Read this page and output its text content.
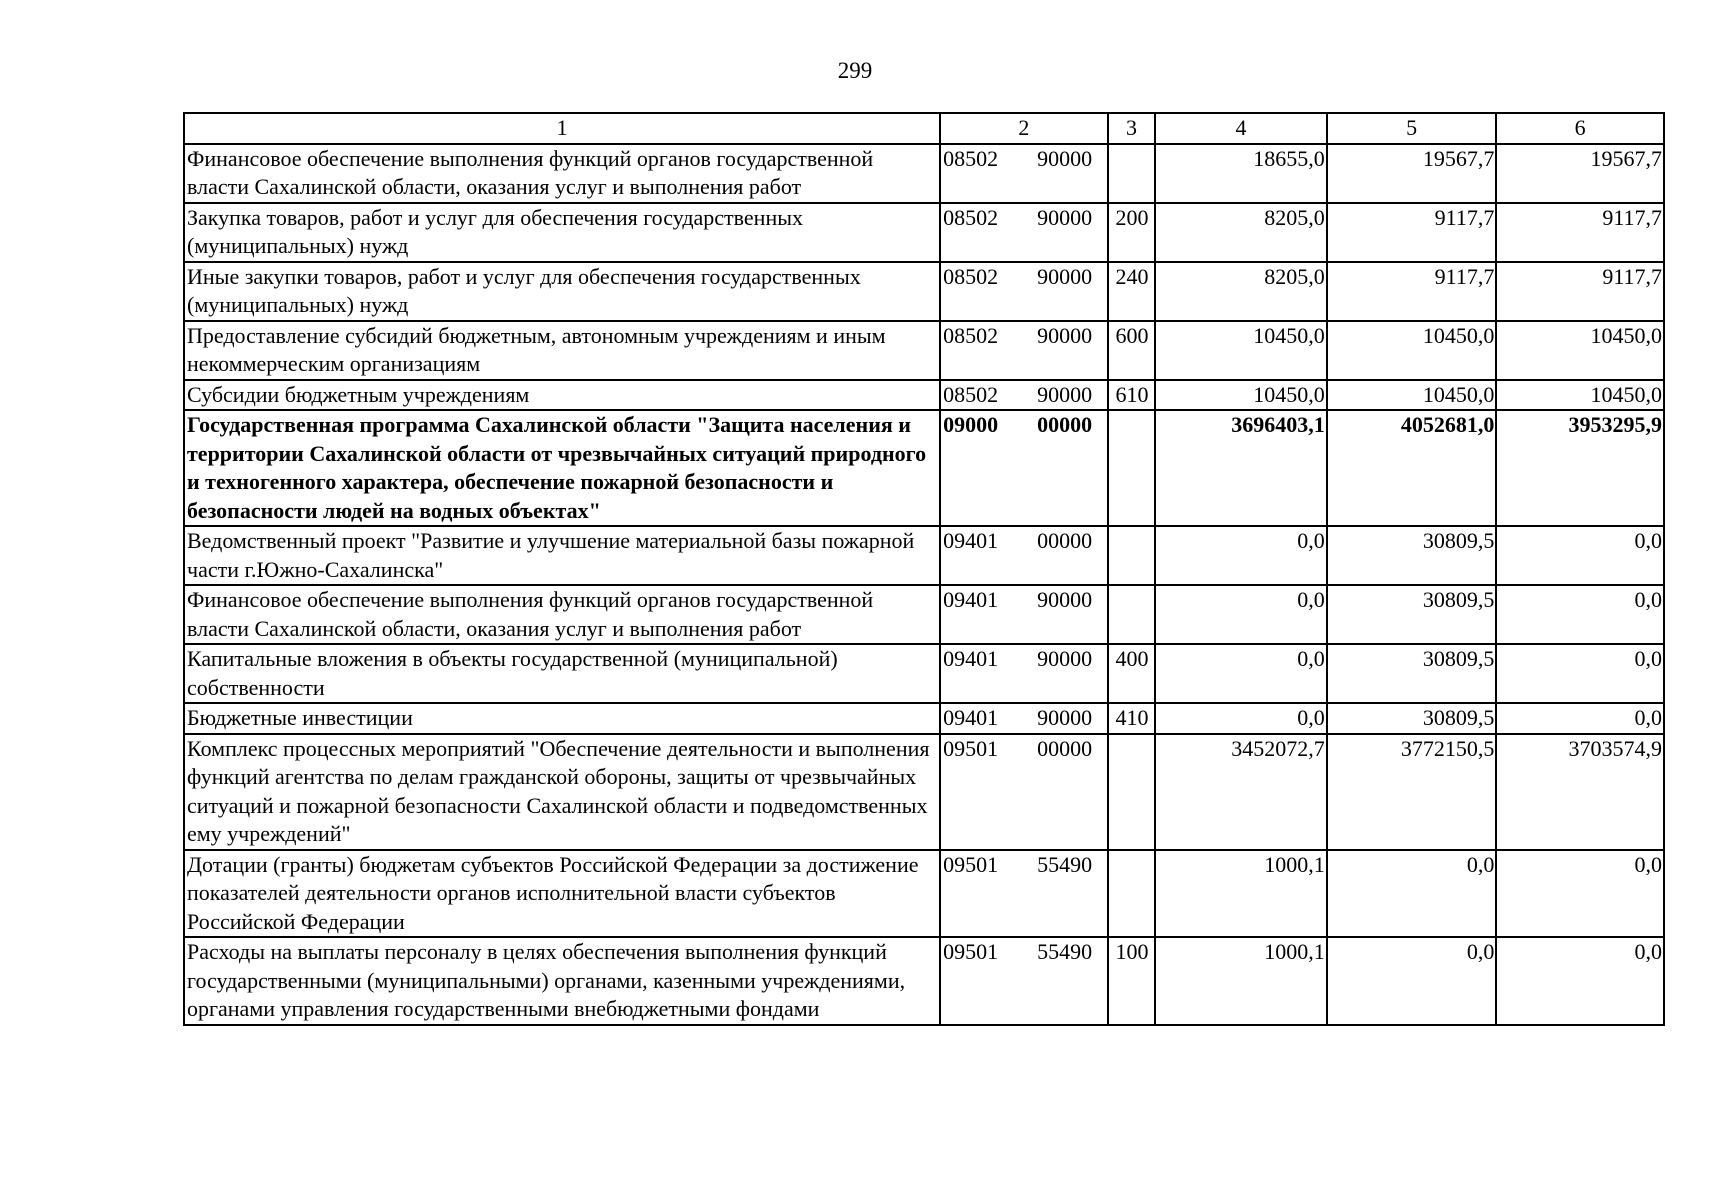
299
1	2	3	4	5	6
Финансовое обеспечение выполнения функций органов государственной власти Сахалинской области, оказания услуг и выполнения работ	08502 90000		18655,0	19567,7	19567,7
Закупка товаров, работ и услуг для обеспечения государственных (муниципальных) нужд	08502 90000	200	8205,0	9117,7	9117,7
Иные закупки товаров, работ и услуг для обеспечения государственных (муниципальных) нужд	08502 90000	240	8205,0	9117,7	9117,7
Предоставление субсидий бюджетным, автономным учреждениям и иным некоммерческим организациям	08502 90000	600	10450,0	10450,0	10450,0
Субсидии бюджетным учреждениям	08502 90000	610	10450,0	10450,0	10450,0
Государственная программа Сахалинской области "Защита населения и территории Сахалинской области от чрезвычайных ситуаций природного и техногенного характера, обеспечение пожарной безопасности и безопасности людей на водных объектах"	09000 00000		3696403,1	4052681,0	3953295,9
Ведомственный проект "Развитие и улучшение материальной базы пожарной части г.Южно-Сахалинска"	09401 00000		0,0	30809,5	0,0
Финансовое обеспечение выполнения функций органов государственной власти Сахалинской области, оказания услуг и выполнения работ	09401 90000		0,0	30809,5	0,0
Капитальные вложения в объекты государственной (муниципальной) собственности	09401 90000	400	0,0	30809,5	0,0
Бюджетные инвестиции	09401 90000	410	0,0	30809,5	0,0
Комплекс процессных мероприятий "Обеспечение деятельности и выполнения функций агентства по делам гражданской обороны, защиты от чрезвычайных ситуаций и пожарной безопасности Сахалинской области и подведомственных ему учреждений"	09501 00000		3452072,7	3772150,5	3703574,9
Дотации (гранты) бюджетам субъектов Российской Федерации за достижение показателей деятельности органов исполнительной власти субъектов Российской Федерации	09501 55490		1000,1	0,0	0,0
Расходы на выплаты персоналу в целях обеспечения выполнения функций государственными (муниципальными) органами, казенными учреждениями, органами управления государственными внебюджетными фондами	09501 55490	100	1000,1	0,0	0,0
